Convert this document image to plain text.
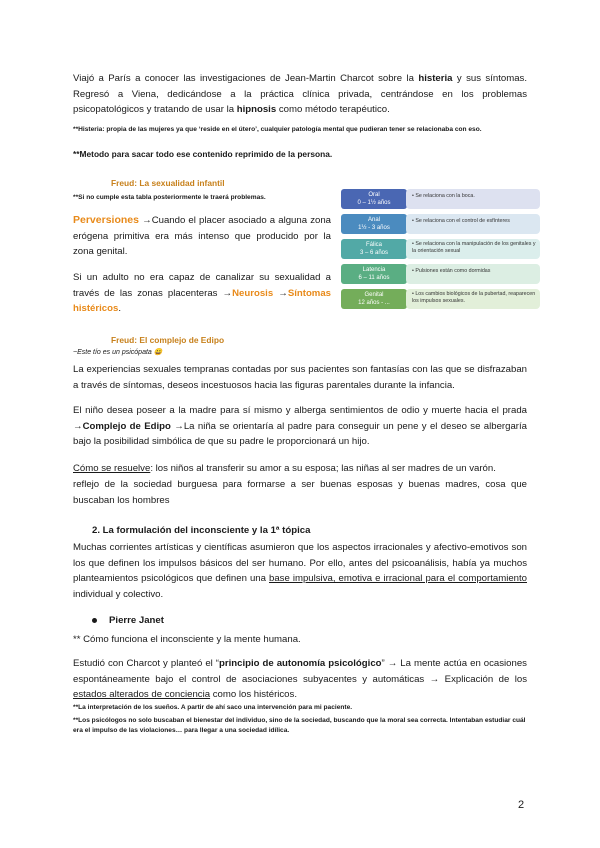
Viajó a París a conocer las investigaciones de Jean-Martin Charcot sobre la histeria y sus síntomas. Regresó a Viena, dedicándose a la práctica clínica privada, centrándose en los problemas psicopatológicos y tratando de usar la hipnosis como método terapéutico.

**Histeria: propia de las mujeres ya que ‘reside en el útero’, cualquier patología mental que pudieran tener se relacionaba con eso.

**Metodo para sacar todo ese contenido reprimido de la persona.

Freud: La sexualidad infantil

**Si no cumple esta tabla posteriormente le traerá problemas.

Perversiones →Cuando el placer asociado a alguna zona erógena primitiva era más intenso que producido por la zona genital.

Si un adulto no era capaz de canalizar su sexualidad a través de las zonas placenteras →Neurosis →Síntomas histéricos.

• Se relaciona con la boca.
Oral
0 – 1½ años
• Se relaciona con el control de esfínteres
Anal
1½ - 3 años
• Se relaciona con la manipulación de los genitales y la orientación sexual
Fálica
3 – 6 años
• Pulsiones están como dormidas
Latencia
6 – 11 años
• Los cambios biológicos de la pubertad, reaparecen los impulsos sexuales.
Genital
12 años - ...
Freud: El complejo de Edipo

~Este tío es un psicópata 😀

La experiencias sexuales tempranas contadas por sus pacientes son fantasías con las que se disfrazaban a través de síntomas, deseos incestuosos hacia las figuras parentales durante la infancia.

El niño desea poseer a la madre para sí mismo y alberga sentimientos de odio y muerte hacia el prada →Complejo de Edipo →La niña se orientaría al padre para conseguir un pene y el deseo se albergaría bajo la posibilidad simbólica de que su padre le proporcionará un hijo.

Cómo se resuelve: los niños al transferir su amor a su esposa; las niñas al ser madres de un varón.

reflejo de la sociedad burguesa para formarse a ser buenas esposas y buenas madres, cosa que buscaban los hombres

2. La formulación del inconsciente y la 1ª tópica

Muchas corrientes artísticas y científicas asumieron que los aspectos irracionales y afectivo-emotivos son los que definen los impulsos básicos del ser humano. Por ello, antes del psicoanálisis, había ya muchos planteamientos psicológicos que definen una base impulsiva, emotiva e irracional para el comportamiento individual y colectivo.

Pierre Janet

** Cómo funciona el inconsciente y la mente humana.

Estudió con Charcot y planteó el “principio de autonomía psicológico” → La mente actúa en ocasiones espontáneamente bajo el control de asociaciones subyacentes y automáticas → Explicación de los estados alterados de conciencia como los histéricos.

**La interpretación de los sueños. A partir de ahí saco una intervención para mi paciente.

**Los psicólogos no solo buscaban el bienestar del individuo, sino de la sociedad, buscando que la moral sea correcta. Intentaban estudiar cuál era el impulso de las violaciones… para llegar a una sociedad idílica.

2
